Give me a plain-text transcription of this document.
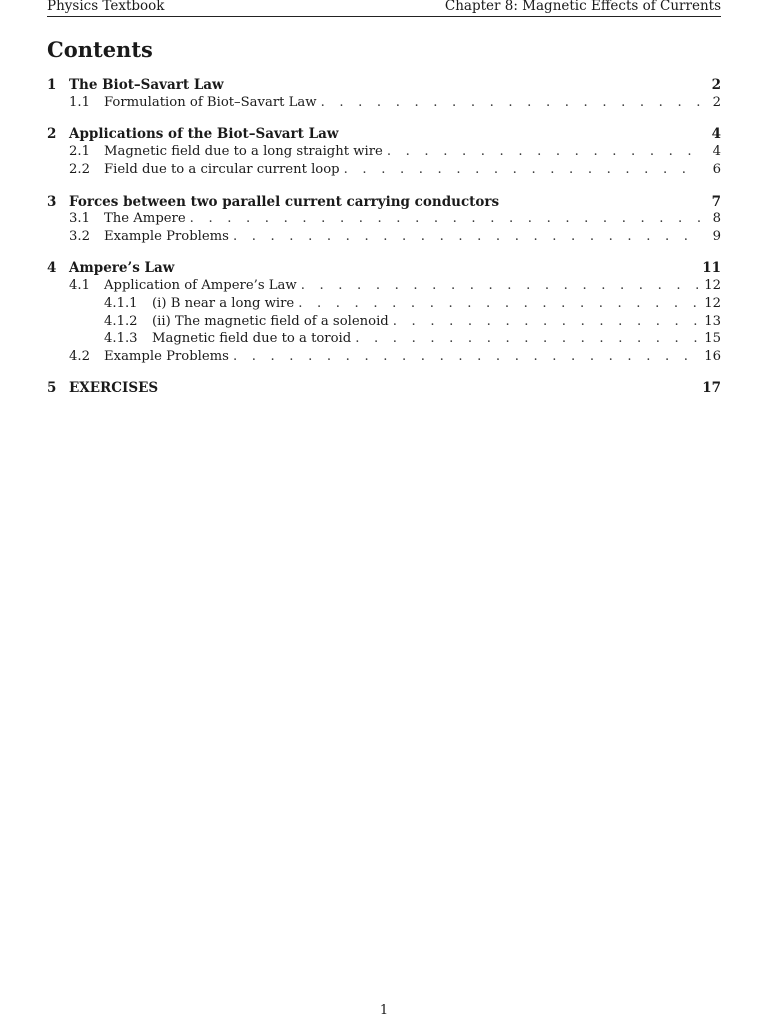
Physics Textbook	Chapter 8: Magnetic Effects of Currents
Contents
1 The Biot–Savart Law	2
1.1	Formulation of Biot–Savart Law . . .	2
2 Applications of the Biot–Savart Law	4
2.1	Magnetic field due to a long straight wire . . .	4
2.2	Field due to a circular current loop . . .	6
3 Forces between two parallel current carrying conductors	7
3.1	The Ampere . . .	8
3.2	Example Problems . . .	9
4 Ampere’s Law	11
4.1	Application of Ampere’s Law . . .	12
4.1.1	(i) B near a long wire . . .	12
4.1.2	(ii) The magnetic field of a solenoid . . .	13
4.1.3	Magnetic field due to a toroid . . .	15
4.2	Example Problems . . .	16
5 EXERCISES	17
1
